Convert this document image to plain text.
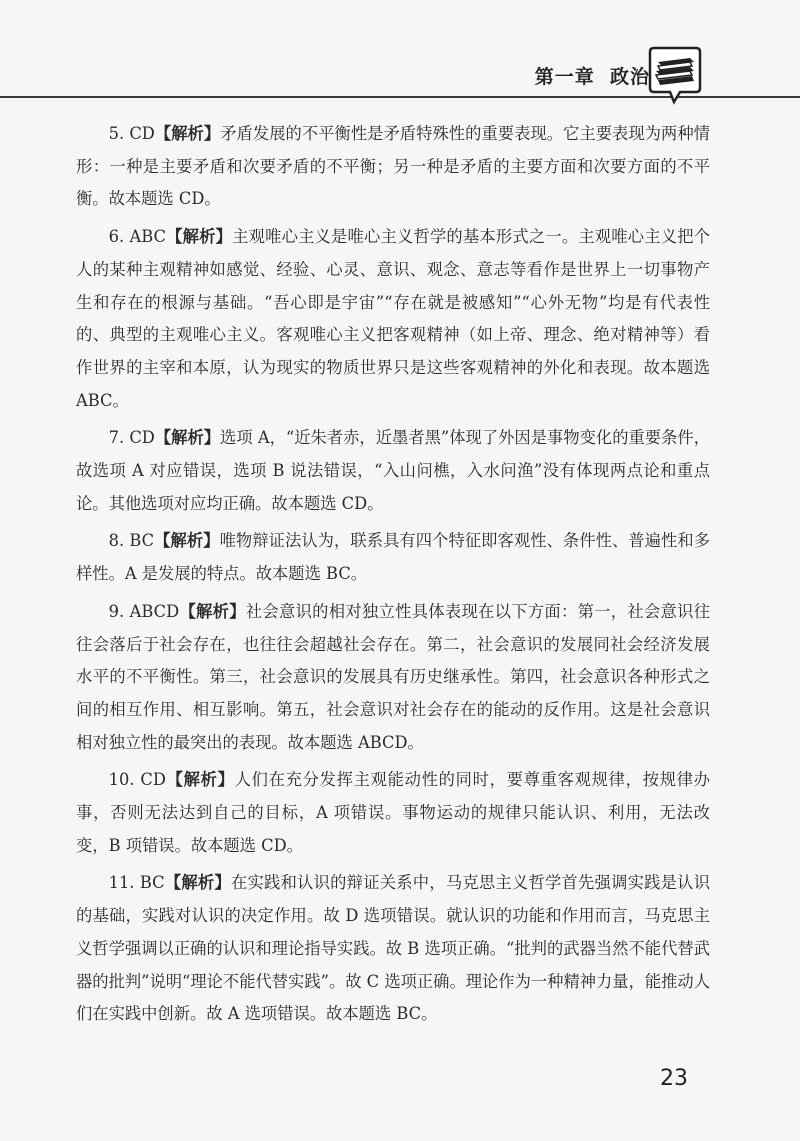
第一章 政治

5. CD【解析】矛盾发展的不平衡性是矛盾特殊性的重要表现。它主要表现为两种情形：一种是主要矛盾和次要矛盾的不平衡；另一种是矛盾的主要方面和次要方面的不平衡。故本题选 CD。

6. ABC【解析】主观唯心主义是唯心主义哲学的基本形式之一。主观唯心主义把个人的某种主观精神如感觉、经验、心灵、意识、观念、意志等看作是世界上一切事物产生和存在的根源与基础。“吾心即是宇宙”“存在就是被感知”“心外无物”均是有代表性的、典型的主观唯心主义。客观唯心主义把客观精神（如上帝、理念、绝对精神等）看作世界的主宰和本原，认为现实的物质世界只是这些客观精神的外化和表现。故本题选 ABC。

7. CD【解析】选项 A，“近朱者赤，近墨者黑”体现了外因是事物变化的重要条件，故选项 A 对应错误，选项 B 说法错误，“入山问樵，入水问渔”没有体现两点论和重点论。其他选项对应均正确。故本题选 CD。

8. BC【解析】唯物辩证法认为，联系具有四个特征即客观性、条件性、普遍性和多样性。A 是发展的特点。故本题选 BC。

9. ABCD【解析】社会意识的相对独立性具体表现在以下方面：第一，社会意识往往会落后于社会存在，也往往会超越社会存在。第二，社会意识的发展同社会经济发展水平的不平衡性。第三，社会意识的发展具有历史继承性。第四，社会意识各种形式之间的相互作用、相互影响。第五，社会意识对社会存在的能动的反作用。这是社会意识相对独立性的最突出的表现。故本题选 ABCD。

10. CD【解析】人们在充分发挥主观能动性的同时，要尊重客观规律，按规律办事，否则无法达到自己的目标，A 项错误。事物运动的规律只能认识、利用，无法改变，B 项错误。故本题选 CD。

11. BC【解析】在实践和认识的辩证关系中，马克思主义哲学首先强调实践是认识的基础，实践对认识的决定作用。故 D 选项错误。就认识的功能和作用而言，马克思主义哲学强调以正确的认识和理论指导实践。故 B 选项正确。“批判的武器当然不能代替武器的批判”说明“理论不能代替实践”。故 C 选项正确。理论作为一种精神力量，能推动人们在实践中创新。故 A 选项错误。故本题选 BC。

23
